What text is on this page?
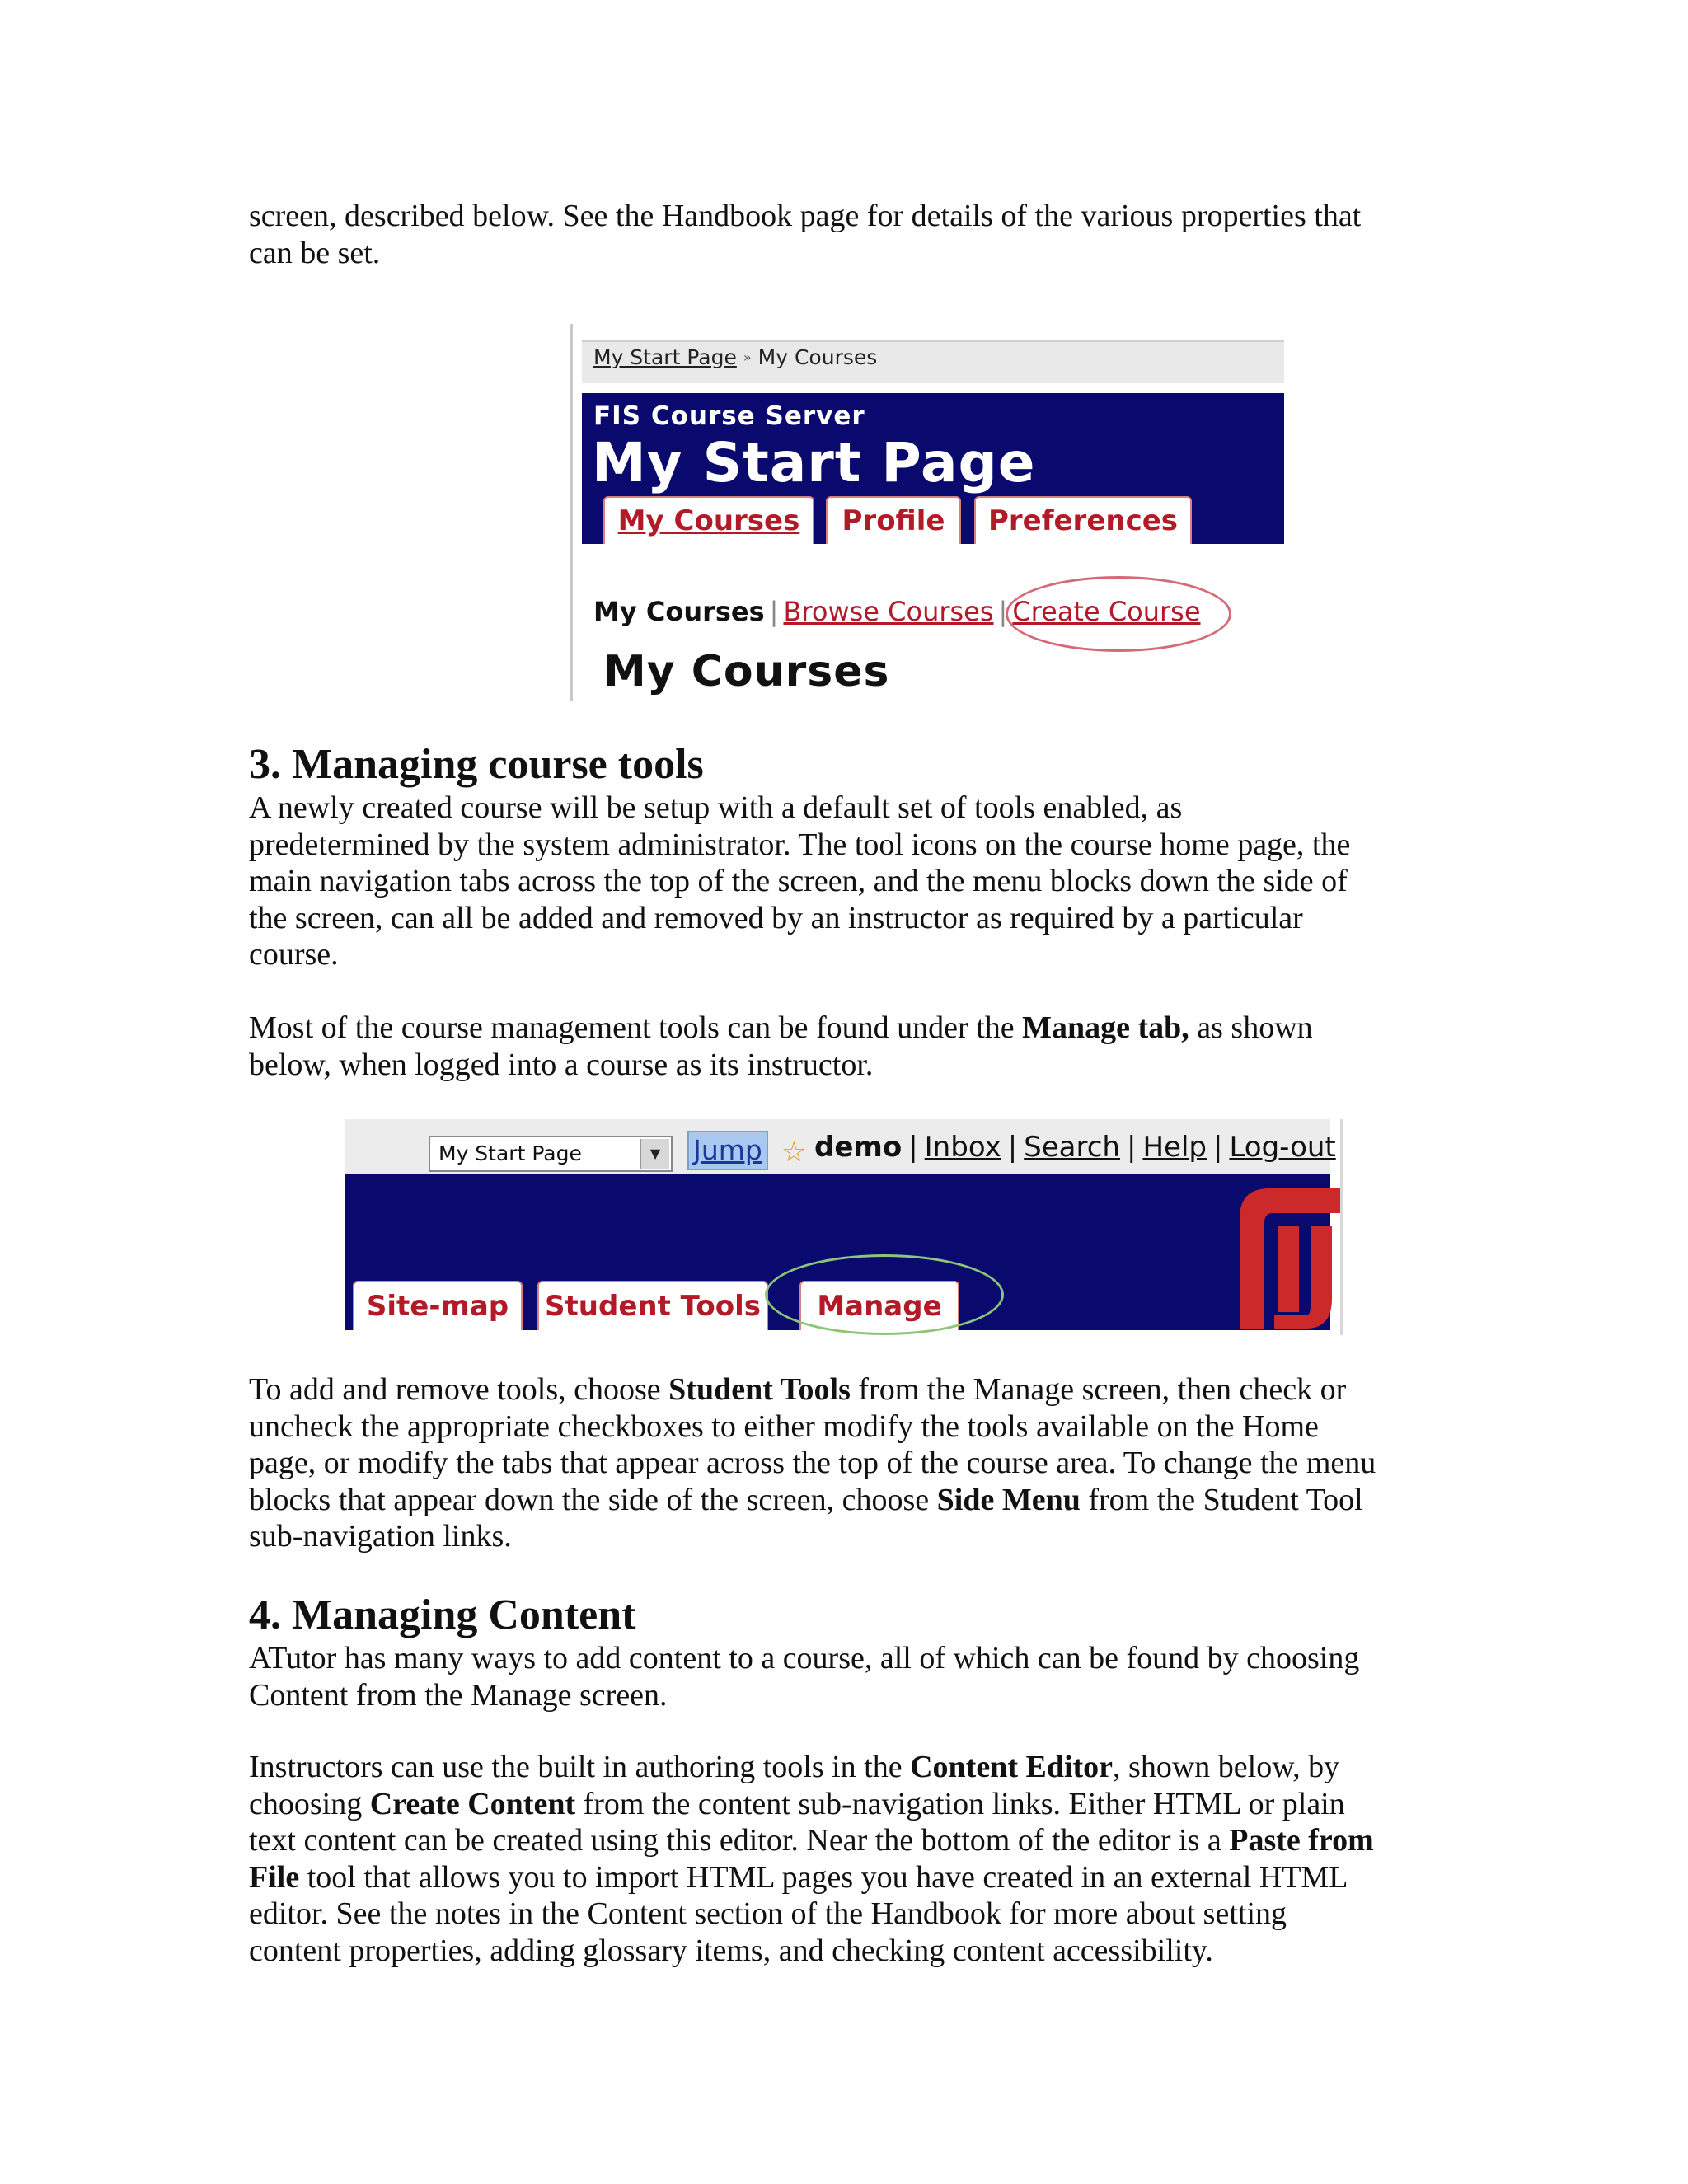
screen, described below. See the Handbook page for details of the various properties that
can be set.

My Start Page » My Courses
FIS Course Server
My Start Page
My Courses	Profile	Preferences
My Courses | Browse Courses | Create Course
My Courses
3. Managing course tools

A newly created course will be setup with a default set of tools enabled, as
predetermined by the system administrator. The tool icons on the course home page, the
main navigation tabs across the top of the screen, and the menu blocks down the side of
the screen, can all be added and removed by an instructor as required by a particular
course.

Most of the course management tools can be found under the Manage tab, as shown
below, when logged into a course as its instructor.

My Start Page	▼	Jump ☆ demo | Inbox | Search | Help | Log-out
Site-map	Student Tools	Manage

To add and remove tools, choose Student Tools from the Manage screen, then check or
uncheck the appropriate checkboxes to either modify the tools available on the Home
page, or modify the tabs that appear across the top of the course area. To change the menu
blocks that appear down the side of the screen, choose Side Menu from the Student Tool
sub-navigation links.

4. Managing Content

ATutor has many ways to add content to a course, all of which can be found by choosing
Content from the Manage screen.

Instructors can use the built in authoring tools in the Content Editor, shown below, by
choosing Create Content from the content sub-navigation links. Either HTML or plain
text content can be created using this editor. Near the bottom of the editor is a Paste from
File tool that allows you to import HTML pages you have created in an external HTML
editor. See the notes in the Content section of the Handbook for more about setting
content properties, adding glossary items, and checking content accessibility.
